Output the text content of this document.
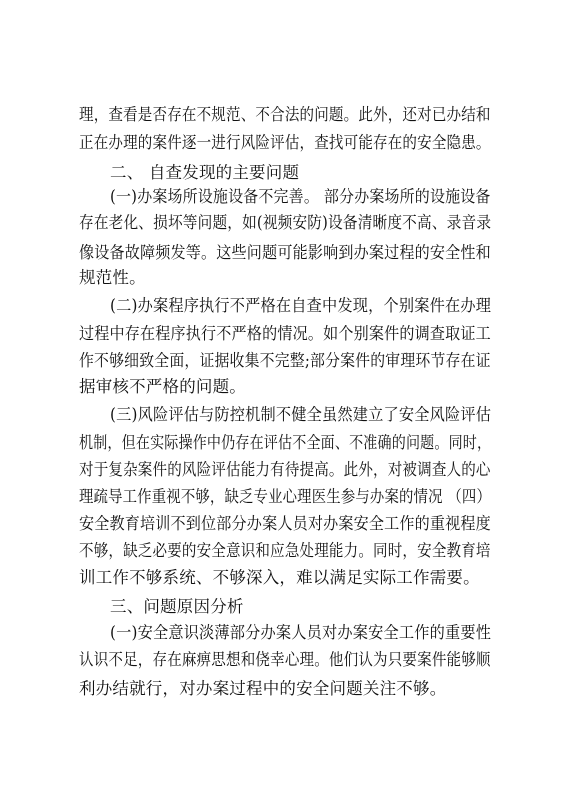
理，查看是否存在不规范、不合法的问题。此外，还对已办结和
正在办理的案件逐一进行风险评估，查找可能存在的安全隐患。
二、 自查发现的主要问题
(一)办案场所设施设备不完善。 部分办案场所的设施设备
存在老化、损坏等问题，如(视频安防)设备清晰度不高、录音录
像设备故障频发等。这些问题可能影响到办案过程的安全性和
规范性。
(二)办案程序执行不严格在自查中发现，个别案件在办理
过程中存在程序执行不严格的情况。如个别案件的调查取证工
作不够细致全面，证据收集不完整;部分案件的审理环节存在证
据审核不严格的问题。
(三)风险评估与防控机制不健全虽然建立了安全风险评估
机制，但在实际操作中仍存在评估不全面、不准确的问题。同时，
对于复杂案件的风险评估能力有待提高。此外，对被调查人的心
理疏导工作重视不够，缺乏专业心理医生参与办案的情况 （四）
安全教育培训不到位部分办案人员对办案安全工作的重视程度
不够，缺乏必要的安全意识和应急处理能力。同时，安全教育培
训工作不够系统、不够深入，难以满足实际工作需要。
三、问题原因分析
(一)安全意识淡薄部分办案人员对办案安全工作的重要性
认识不足，存在麻痹思想和侥幸心理。他们认为只要案件能够顺
利办结就行，对办案过程中的安全问题关注不够。
